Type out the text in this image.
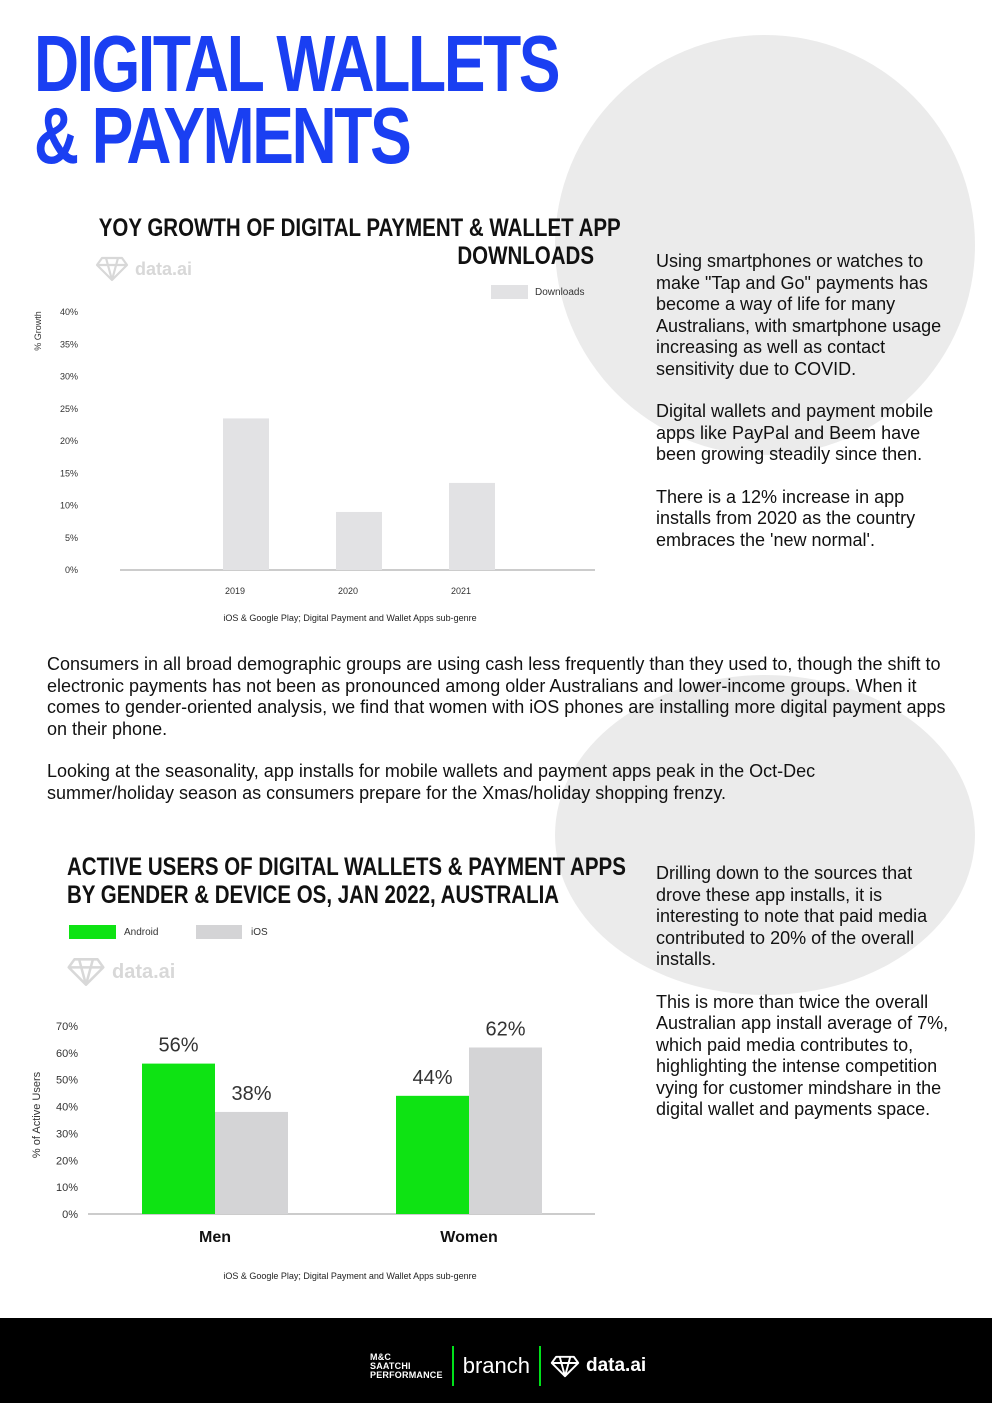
DIGITAL WALLETS
& PAYMENTS
YOY GROWTH OF DIGITAL PAYMENT & WALLET APP
DOWNLOADS
data.ai
Downloads
0%
5%
10%
15%
20%
25%
30%
35%
40%
% Growth
2019	2020	2021
iOS & Google Play; Digital Payment and Wallet Apps sub-genre

Using smartphones or watches to make "Tap and Go" payments has become a way of life for many Australians, with smartphone usage increasing as well as contact sensitivity due to COVID.

Digital wallets and payment mobile apps like PayPal and Beem have been growing steadily since then.

There is a 12% increase in app installs from 2020 as the country embraces the 'new normal'.

Consumers in all broad demographic groups are using cash less frequently than they used to, though the shift to electronic payments has not been as pronounced among older Australians and lower-income groups. When it comes to gender-oriented analysis, we find that women with iOS phones are installing more digital payment apps on their phone.

Looking at the seasonality, app installs for mobile wallets and payment apps peak in the Oct-Dec summer/holiday season as consumers prepare for the Xmas/holiday shopping frenzy.

ACTIVE USERS OF DIGITAL WALLETS & PAYMENT APPS
BY GENDER & DEVICE OS, JAN 2022, AUSTRALIA
Android	iOS
data.ai
0%
10%
20%
30%
40%
50%
60%
70%
% of Active Users
56%
38%
Men
44%
62%
Women
iOS & Google Play; Digital Payment and Wallet Apps sub-genre

Drilling down to the sources that drove these app installs, it is interesting to note that paid media contributed to 20% of the overall installs.

This is more than twice the overall Australian app install average of 7%, which paid media contributes to, highlighting the intense competition vying for customer mindshare in the digital wallet and payments space.

M&C
SAATCHI
PERFORMANCE branch	data.ai
